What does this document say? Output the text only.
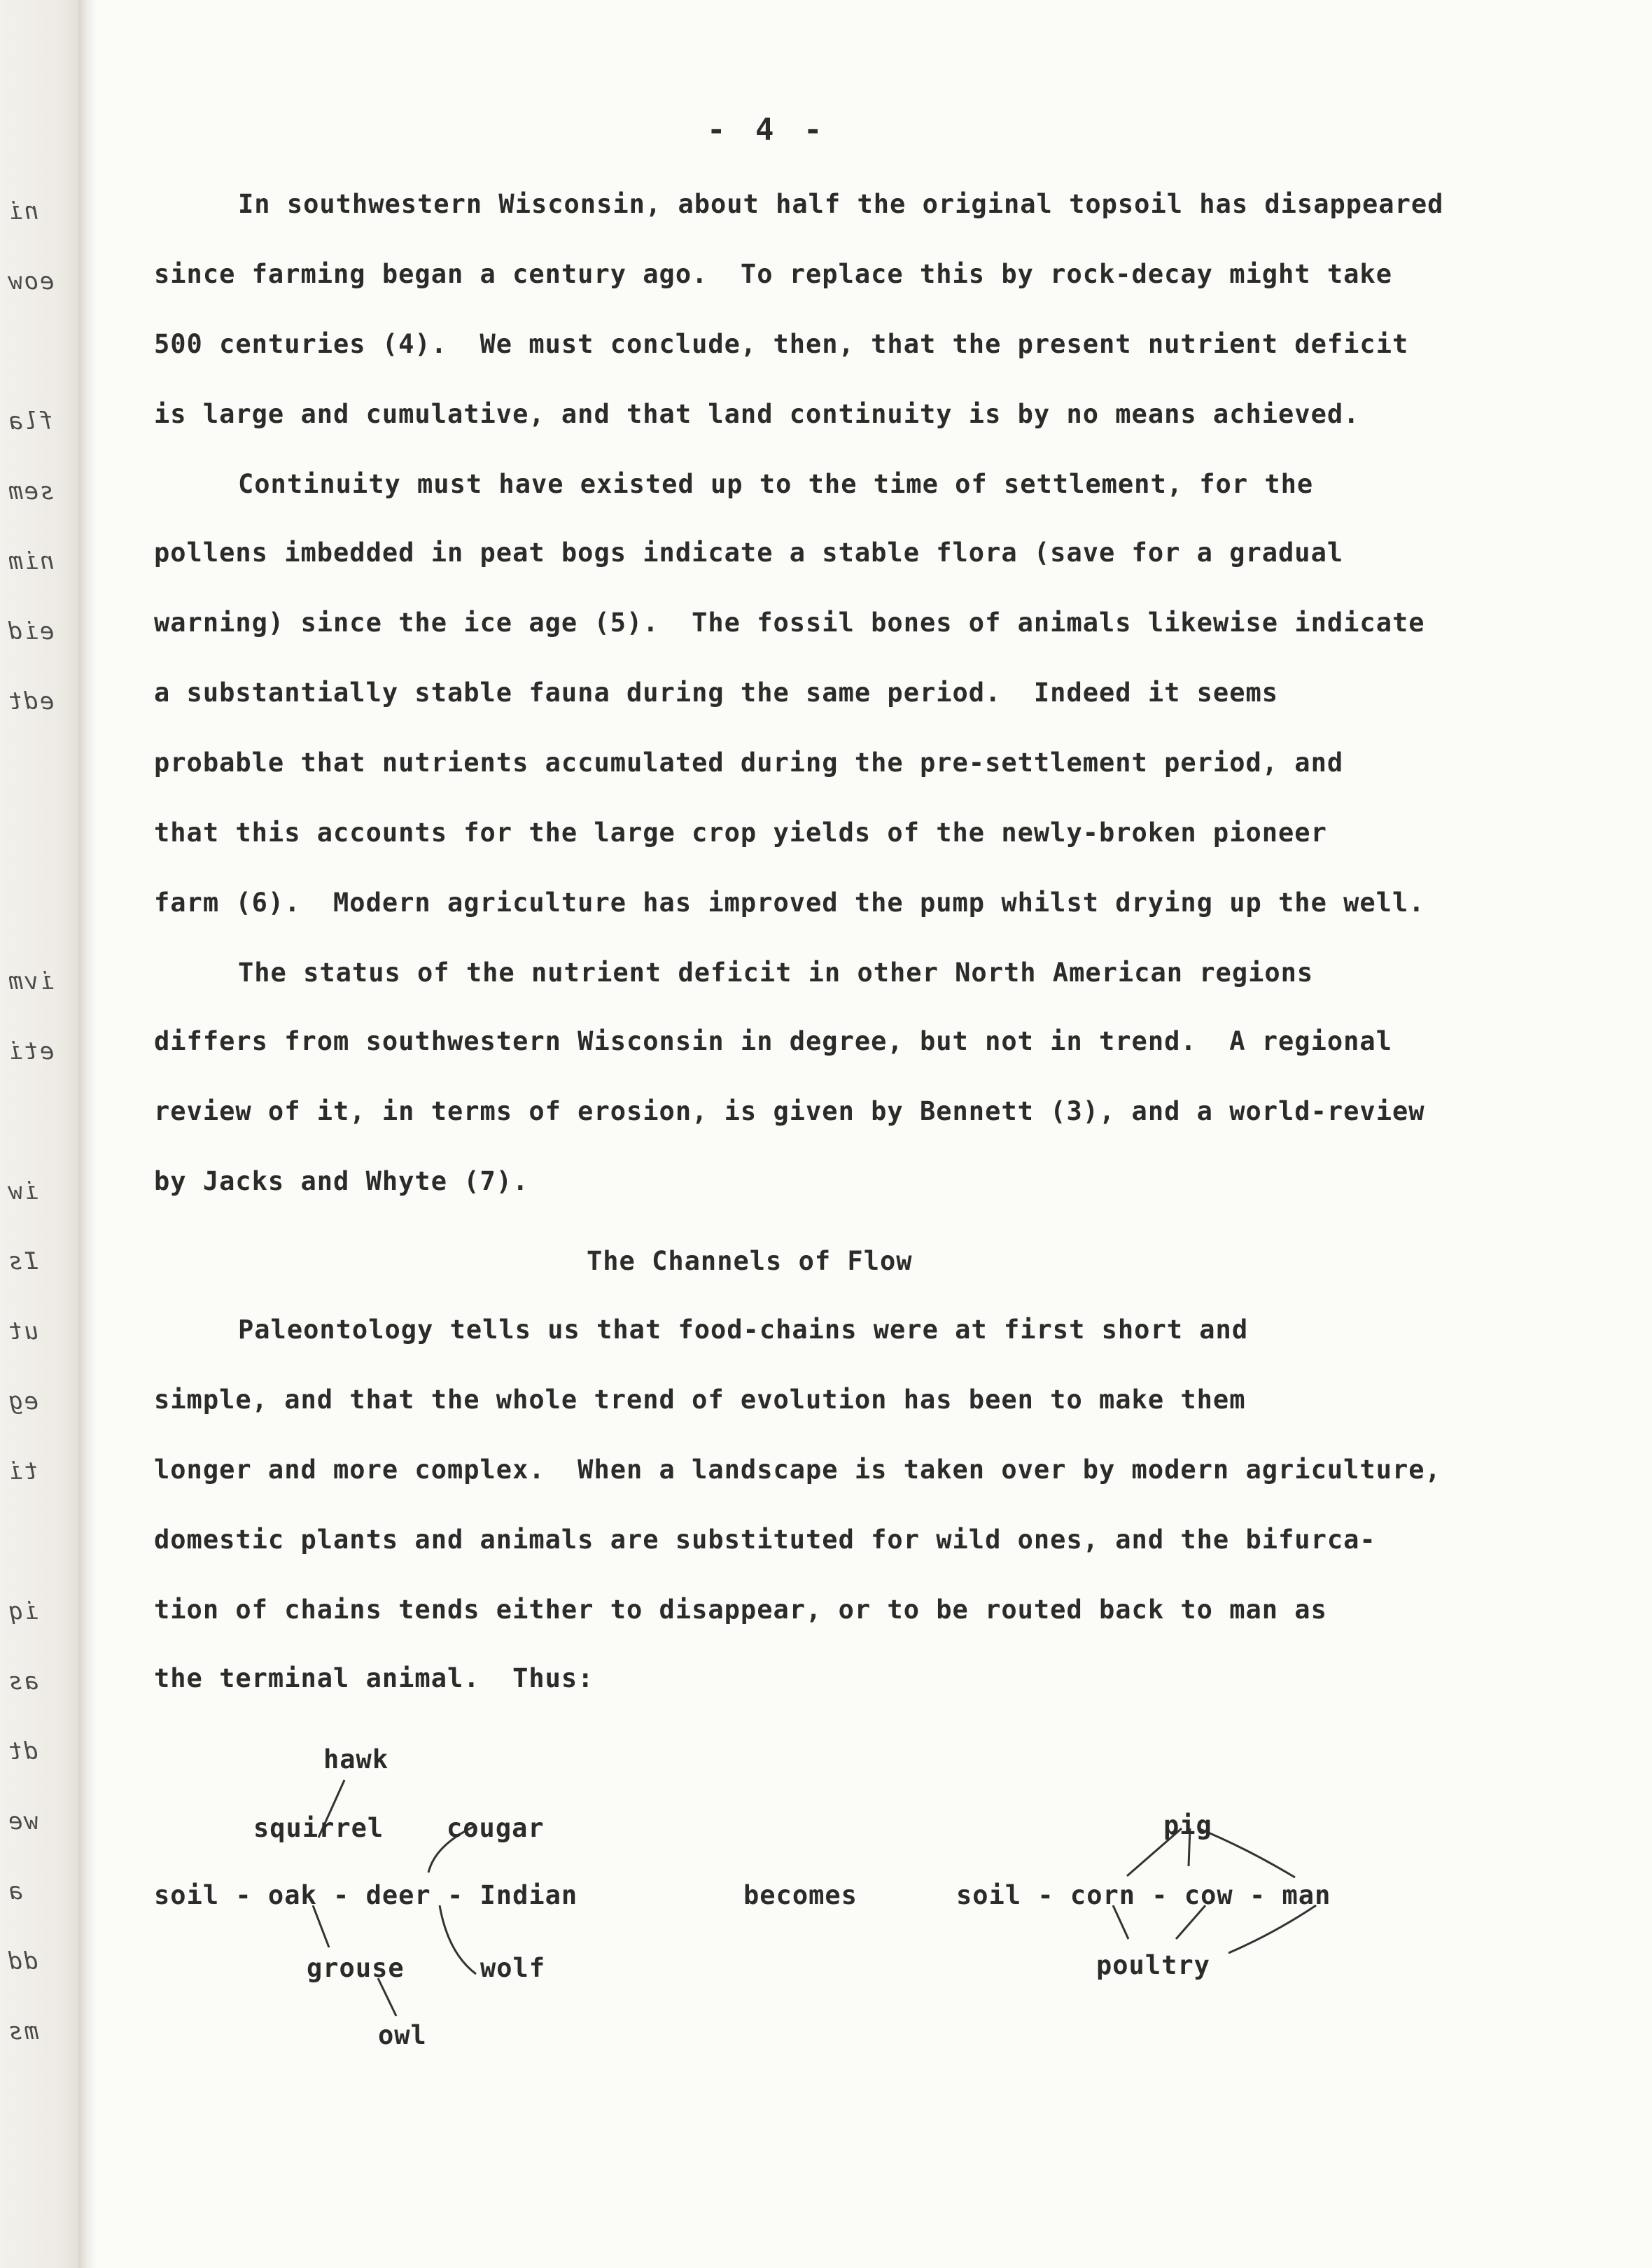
ni
eow
fla
sem
nim
eid
edt
ivm
eti
iw
Is
ut
eg
ti
iq
as
dt
we
a
dd
ms
- 4 -
In southwestern Wisconsin, about half the original topsoil has disappeared
since farming began a century ago.  To replace this by rock-decay might take
500 centuries (4).  We must conclude, then, that the present nutrient deficit
is large and cumulative, and that land continuity is by no means achieved.
Continuity must have existed up to the time of settlement, for the
pollens imbedded in peat bogs indicate a stable flora (save for a gradual
warning) since the ice age (5).  The fossil bones of animals likewise indicate
a substantially stable fauna during the same period.  Indeed it seems
probable that nutrients accumulated during the pre-settlement period, and
that this accounts for the large crop yields of the newly-broken pioneer
farm (6).  Modern agriculture has improved the pump whilst drying up the well.
The status of the nutrient deficit in other North American regions
differs from southwestern Wisconsin in degree, but not in trend.  A regional
review of it, in terms of erosion, is given by Bennett (3), and a world-review
by Jacks and Whyte (7).
The Channels of Flow
Paleontology tells us that food-chains were at first short and
simple, and that the whole trend of evolution has been to make them
longer and more complex.  When a landscape is taken over by modern agriculture,
domestic plants and animals are substituted for wild ones, and the bifurca-
tion of chains tends either to disappear, or to be routed back to man as
the terminal animal.  Thus:
hawk
squirrel cougar
soil - oak - deer - Indian
grouse	wolf
owl
becomes
pig
soil - corn - cow - man
poultry
